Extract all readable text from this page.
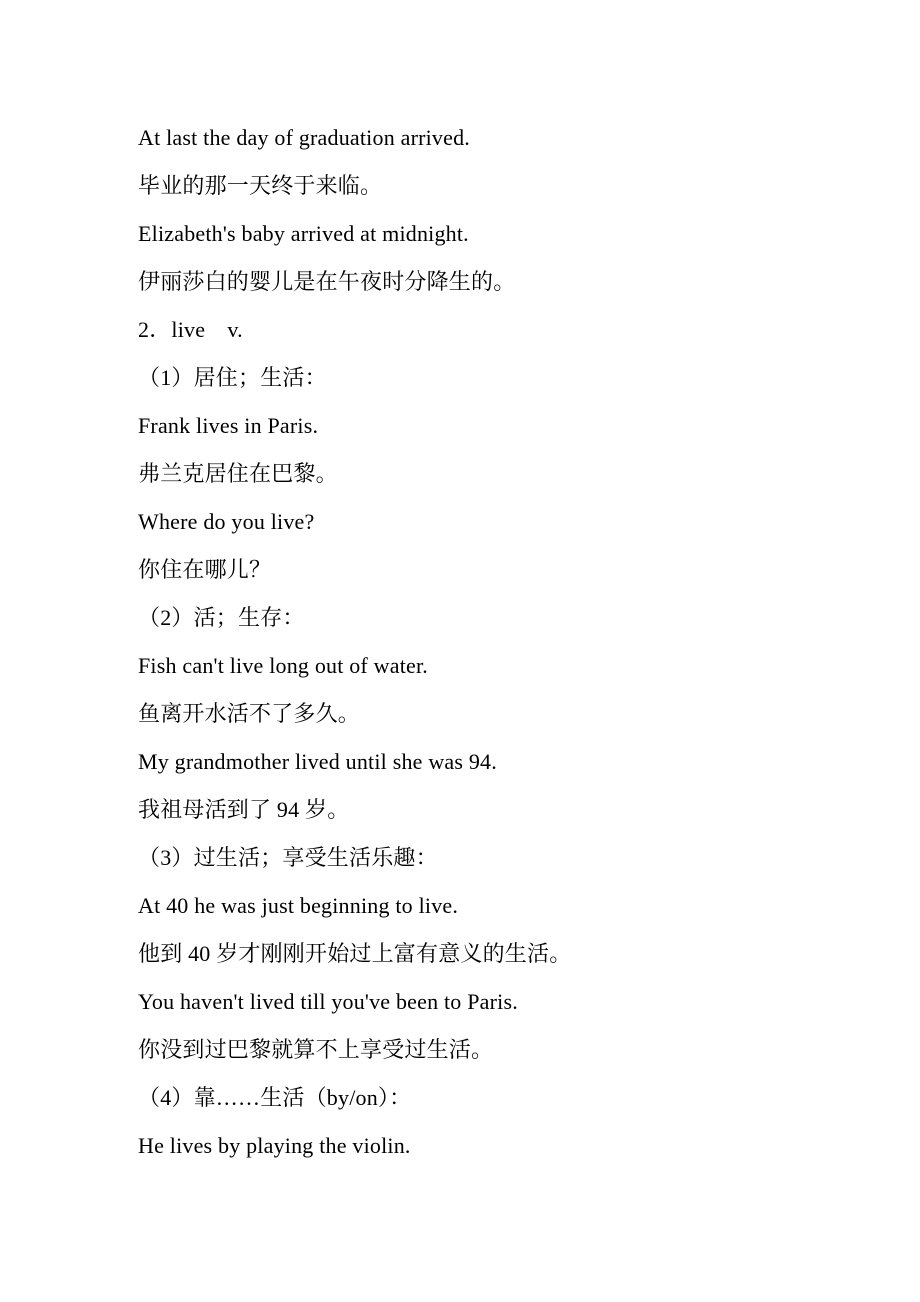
At last the day of graduation arrived.

毕业的那一天终于来临。

Elizabeth's baby arrived at midnight.

伊丽莎白的婴儿是在午夜时分降生的。

2．live　v.

（1）居住；生活：

Frank lives in Paris.

弗兰克居住在巴黎。

Where do you live?

你住在哪儿？

（2）活；生存：

Fish can't live long out of water.

鱼离开水活不了多久。

My grandmother lived until she was 94.

我祖母活到了 94 岁。

（3）过生活；享受生活乐趣：

At 40 he was just beginning to live.

他到 40 岁才刚刚开始过上富有意义的生活。

You haven't lived till you've been to Paris.

你没到过巴黎就算不上享受过生活。

（4）靠……生活（by/on）：

He lives by playing the violin.
